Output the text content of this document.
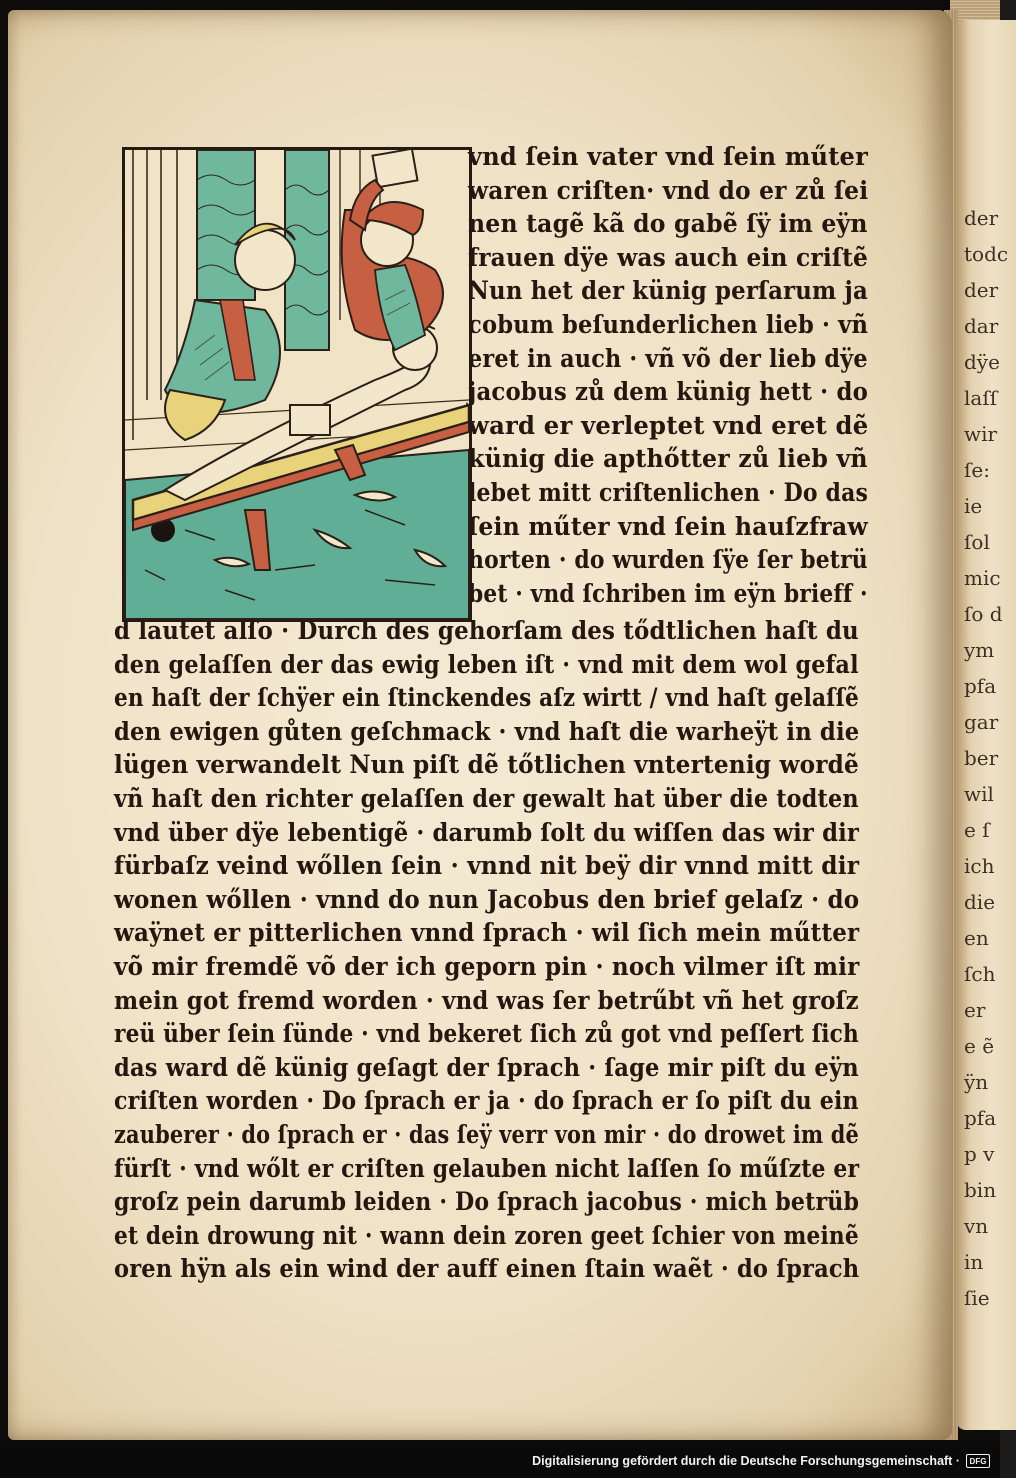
der
todc
der
dar
dÿe
laſſ
wir
ſe:
ie
ſol
mic
ſo d
ym
pfa
gar
ber
wil
e ſ
ich
die
en
ſch
er
e ẽ
ÿn
pfa
p v
bin
vn
in
ſie
vnd ſein vater vnd ſein műter
waren criſten· vnd do er zů ſei
nen tagẽ kã do gabẽ ſÿ im eÿn
frauen dÿe was auch ein criſtẽ
Nun het der künig perſarum ja
cobum beſunderlichen lieb · vñ
eret in auch · vñ võ der lieb dÿe
jacobus zů dem künig hett · do
ward er verleptet vnd eret dẽ
künig die apthőtter zů lieb vñ
lebet mitt criſtenlichen · Do das
ſein műter vnd ſein hauſzfraw
horten · do wurden ſÿe ſer betrü
bet · vnd ſchriben im eÿn brieff ·
d lautet alſo · Durch des gehorſam des tődtlichen haſt du
den gelaſſen der das ewig leben iſt · vnd mit dem wol gefal
en haſt der ſchÿer ein ſtinckendes aſz wirtt / vnd haſt gelaſſẽ
den ewigen gůten geſchmack · vnd haſt die warheÿt in die
lügen verwandelt Nun piſt dẽ tőtlichen vntertenig wordẽ
vñ haſt den richter gelaſſen der gewalt hat über die todten
vnd über dÿe lebentigẽ · darumb ſolt du wiſſen das wir dir
fürbaſz veind wőllen ſein · vnnd nit beÿ dir vnnd mitt dir
wonen wőllen · vnnd do nun Jacobus den brief gelaſz · do
waÿnet er pitterlichen vnnd ſprach · wil ſich mein műtter
võ mir fremdẽ võ der ich geporn pin · noch vilmer iſt mir
mein got fremd worden · vnd was ſer betrűbt vñ het groſz
reü über ſein ſünde · vnd bekeret ſich zů got vnd peſſert ſich
das ward dẽ künig geſagt der ſprach · ſage mir piſt du eÿn
criſten worden · Do ſprach er ja · do ſprach er ſo piſt du ein
zauberer · do ſprach er · das ſeÿ verr von mir · do drowet im dẽ
fürſt · vnd wőlt er criſten gelauben nicht laſſen ſo műſzte er
groſz pein darumb leiden · Do ſprach jacobus · mich betrüb
et dein drowung nit · wann dein zoren geet ſchier von meinẽ
oren hÿn als ein wind der auff einen ſtain waẽt · do ſprach
Digitalisierung gefördert durch die Deutsche Forschungsgemeinschaft ·	DFG
